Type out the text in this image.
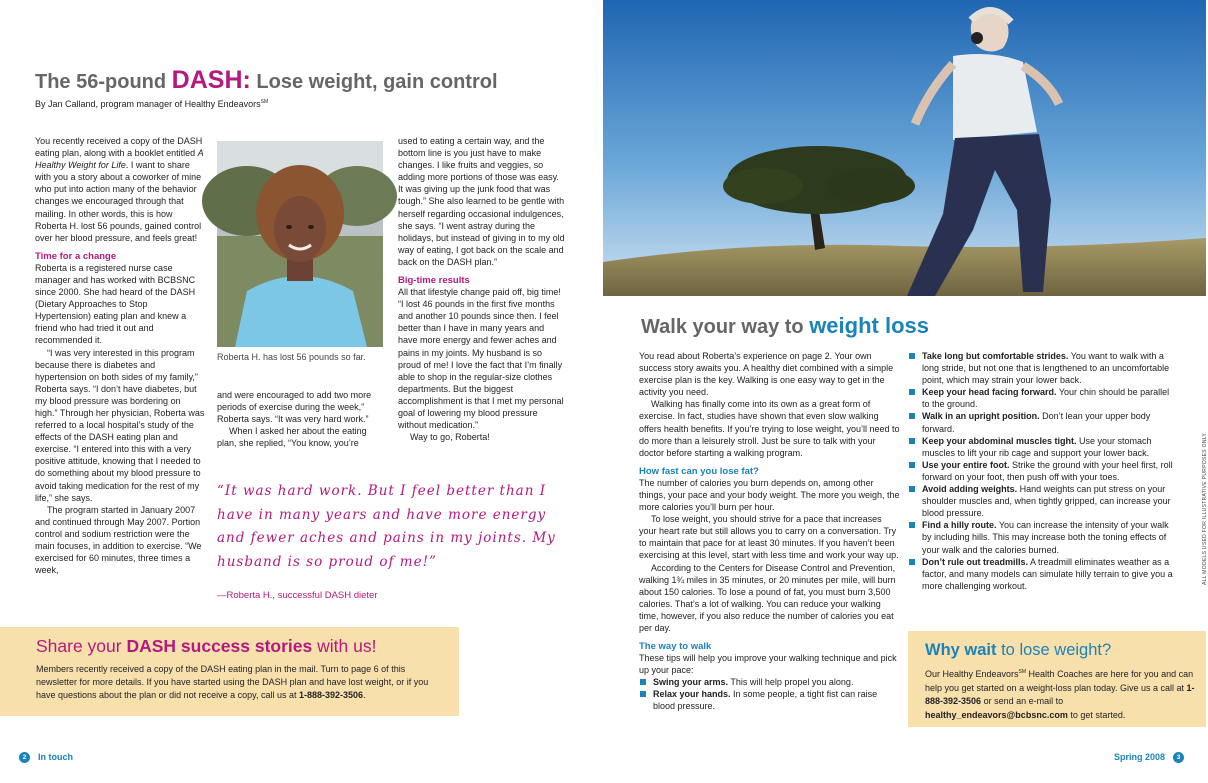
The 56-pound DASH: Lose weight, gain control
By Jan Calland, program manager of Healthy Endeavors℠

You recently received a copy of the DASH eating plan, along with a booklet entitled A Healthy Weight for Life. I want to share with you a story about a coworker of mine who put into action many of the behavior changes we encouraged through that mailing. In other words, this is how Roberta H. lost 56 pounds, gained control over her blood pressure, and feels great!

Time for a change

Roberta is a registered nurse case manager and has worked with BCBSNC since 2000. She had heard of the DASH (Dietary Approaches to Stop Hypertension) eating plan and knew a friend who had tried it out and recommended it.

“I was very interested in this program because there is diabetes and hypertension on both sides of my family,” Roberta says. “I don’t have diabetes, but my blood pressure was bordering on high.” Through her physician, Roberta was referred to a local hospital’s study of the effects of the DASH eating plan and exercise. “I entered into this with a very positive attitude, knowing that I needed to do something about my blood pressure to avoid taking medication for the rest of my life,” she says.

The program started in January 2007 and continued through May 2007. Portion control and sodium restriction were the main focuses, in addition to exercise. “We exercised for 60 minutes, three times a week,

Roberta H. has lost 56 pounds so far.

and were encouraged to add two more periods of exercise during the week,” Roberta says. “It was very hard work.”

When I asked her about the eating plan, she replied, “You know, you’re

used to eating a certain way, and the bottom line is you just have to make changes. I like fruits and veggies, so adding more portions of those was easy. It was giving up the junk food that was tough.” She also learned to be gentle with herself regarding occasional indulgences, she says. “I went astray during the holidays, but instead of giving in to my old way of eating, I got back on the scale and back on the DASH plan.”

Big-time results

All that lifestyle change paid off, big time! “I lost 46 pounds in the first five months and another 10 pounds since then. I feel better than I have in many years and have more energy and fewer aches and pains in my joints. My husband is so proud of me! I love the fact that I’m finally able to shop in the regular-size clothes departments. But the biggest accomplishment is that I met my personal goal of lowering my blood pressure without medication.”

Way to go, Roberta!

“It was hard work. But I feel better than I have in many years and have more energy and fewer aches and pains in my joints. My husband is so proud of me!”
—Roberta H., successful DASH dieter
Share your DASH success stories with us!

Members recently received a copy of the DASH eating plan in the mail. Turn to page 6 of this newsletter for more details. If you have started using the DASH plan and have lost weight, or if you have questions about the plan or did not receive a copy, call us at 1-888-392-3506.

2 In touch
Walk your way to weight loss
ALL MODELS USED FOR ILLUSTRATIVE PURPOSES ONLY.

You read about Roberta’s experience on page 2. Your own success story awaits you. A healthy diet combined with a simple exercise plan is the key. Walking is one easy way to get in the activity you need.

Walking has finally come into its own as a great form of exercise. In fact, studies have shown that even slow walking offers health benefits. If you’re trying to lose weight, you’ll need to do more than a leisurely stroll. Just be sure to talk with your doctor before starting a walking program.

How fast can you lose fat?

The number of calories you burn depends on, among other things, your pace and your body weight. The more you weigh, the more calories you’ll burn per hour.

To lose weight, you should strive for a pace that increases your heart rate but still allows you to carry on a conversation. Try to maintain that pace for at least 30 minutes. If you haven’t been exercising at this level, start with less time and work your way up.

According to the Centers for Disease Control and Prevention, walking 1¾ miles in 35 minutes, or 20 minutes per mile, will burn about 150 calories. To lose a pound of fat, you must burn 3,500 calories. That’s a lot of walking. You can reduce your walking time, however, if you also reduce the number of calories you eat per day.

The way to walk

These tips will help you improve your walking technique and pick up your pace:

Swing your arms. This will help propel you along.
Relax your hands. In some people, a tight fist can raise blood pressure.
Take long but comfortable strides. You want to walk with a long stride, but not one that is lengthened to an uncomfortable point, which may strain your lower back.
Keep your head facing forward. Your chin should be parallel to the ground.
Walk in an upright position. Don’t lean your upper body forward.
Keep your abdominal muscles tight. Use your stomach muscles to lift your rib cage and support your lower back.
Use your entire foot. Strike the ground with your heel first, roll forward on your foot, then push off with your toes.
Avoid adding weights. Hand weights can put stress on your shoulder muscles and, when tightly gripped, can increase your blood pressure.
Find a hilly route. You can increase the intensity of your walk by including hills. This may increase both the toning effects of your walk and the calories burned.
Don’t rule out treadmills. A treadmill eliminates weather as a factor, and many models can simulate hilly terrain to give you a more challenging workout.
Why wait to lose weight?

Our Healthy Endeavors℠ Health Coaches are here for you and can help you get started on a weight-loss plan today. Give us a call at 1-888-392-3506 or send an e-mail to healthy_endeavors@bcbsnc.com to get started.

Spring 2008 3
